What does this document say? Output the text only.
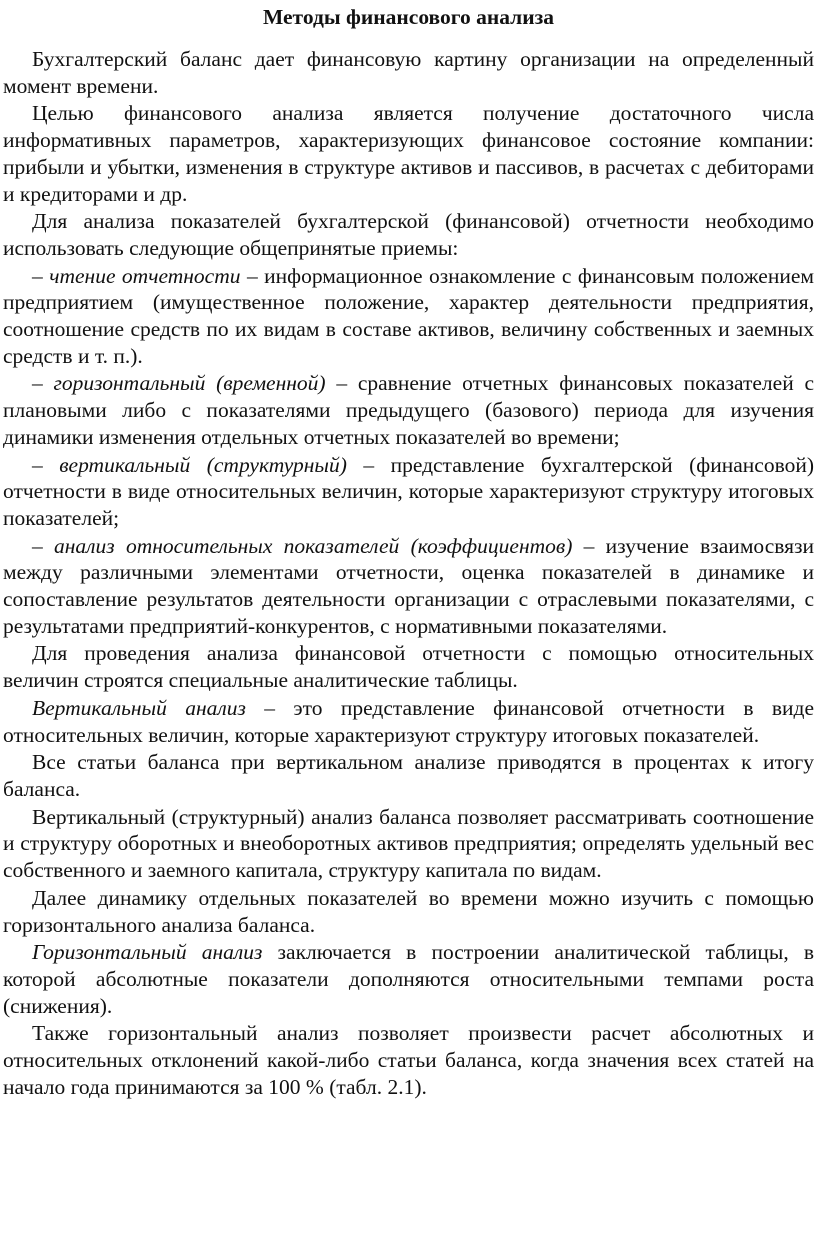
Методы финансового анализа

Бухгалтерский баланс дает финансовую картину организации на определенный момент времени.

Целью финансового анализа является получение достаточного числа информативных параметров, характеризующих финансовое состояние компании: прибыли и убытки, изменения в структуре активов и пассивов, в расчетах с дебиторами и кредиторами и др.

Для анализа показателей бухгалтерской (финансовой) отчетности необходимо использовать следующие общепринятые приемы:

– чтение отчетности – информационное ознакомление с финансовым положением предприятием (имущественное положение, характер деятельности предприятия, соотношение средств по их видам в составе активов, величину собственных и заемных средств и т. п.).

– горизонтальный (временной) – сравнение отчетных финансовых показателей с плановыми либо с показателями предыдущего (базового) периода для изучения динамики изменения отдельных отчетных показателей во времени;

– вертикальный (структурный) – представление бухгалтерской (финансовой) отчетности в виде относительных величин, которые характеризуют структуру итоговых показателей;

– анализ относительных показателей (коэффициентов) – изучение взаимосвязи между различными элементами отчетности, оценка показателей в динамике и сопоставление результатов деятельности организации с отраслевыми показателями, с результатами предприятий-конкурентов, с нормативными показателями.

Для проведения анализа финансовой отчетности с помощью относительных величин строятся специальные аналитические таблицы.

Вертикальный анализ – это представление финансовой отчетности в виде относительных величин, которые характеризуют структуру итоговых показателей.

Все статьи баланса при вертикальном анализе приводятся в процентах к итогу баланса.

Вертикальный (структурный) анализ баланса позволяет рассматривать соотношение и структуру оборотных и внеоборотных активов предприятия; определять удельный вес собственного и заемного капитала, структуру капитала по видам.

Далее динамику отдельных показателей во времени можно изучить с помощью горизонтального анализа баланса.

Горизонтальный анализ заключается в построении аналитической таблицы, в которой абсолютные показатели дополняются относительными темпами роста (снижения).

Также горизонтальный анализ позволяет произвести расчет абсолютных и относительных отклонений какой-либо статьи баланса, когда значения всех статей на начало года принимаются за 100 % (табл. 2.1).
